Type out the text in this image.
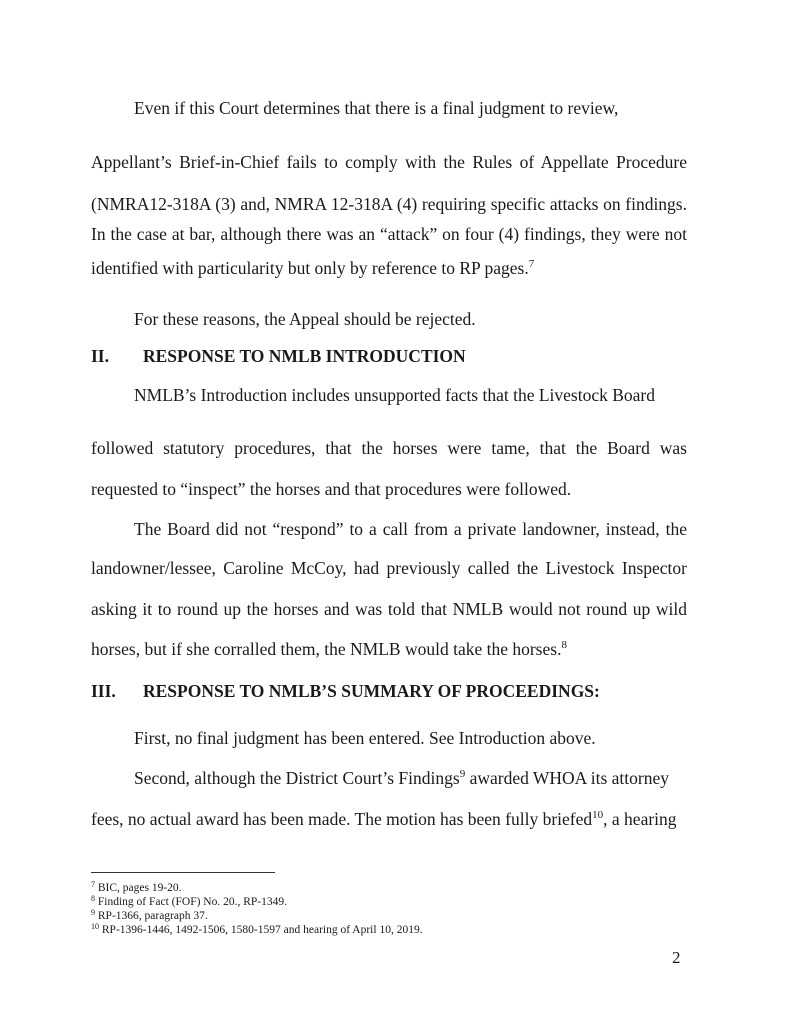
Even if this Court determines that there is a final judgment to review,
Appellant’s Brief-in-Chief fails to comply with the Rules of Appellate Procedure
(NMRA12-318A (3) and, NMRA 12-318A (4) requiring specific attacks on findings.
In the case at bar, although there was an “attack” on four (4) findings, they were not
identified with particularity but only by reference to RP pages.$^7$
For these reasons, the Appeal should be rejected.
II. RESPONSE TO NMLB INTRODUCTION
NMLB’s Introduction includes unsupported facts that the Livestock Board
followed statutory procedures, that the horses were tame, that the Board was
requested to “inspect” the horses and that procedures were followed.
The Board did not “respond” to a call from a private landowner, instead, the
landowner/lessee, Caroline McCoy, had previously called the Livestock Inspector
asking it to round up the horses and was told that NMLB would not round up wild
horses, but if she corralled them, the NMLB would take the horses.$^8$
III. RESPONSE TO NMLB’S SUMMARY OF PROCEEDINGS:
First, no final judgment has been entered. See Introduction above.
Second, although the District Court’s Findings$^9$ awarded WHOA its attorney
fees, no actual award has been made. The motion has been fully briefed$^{10}$, a hearing
$^7$ BIC, pages 19-20.
$^8$ Finding of Fact (FOF) No. 20., RP-1349.
$^9$ RP-1366, paragraph 37.
$^{10}$ RP-1396-1446, 1492-1506, 1580-1597 and hearing of April 10, 2019.
2
